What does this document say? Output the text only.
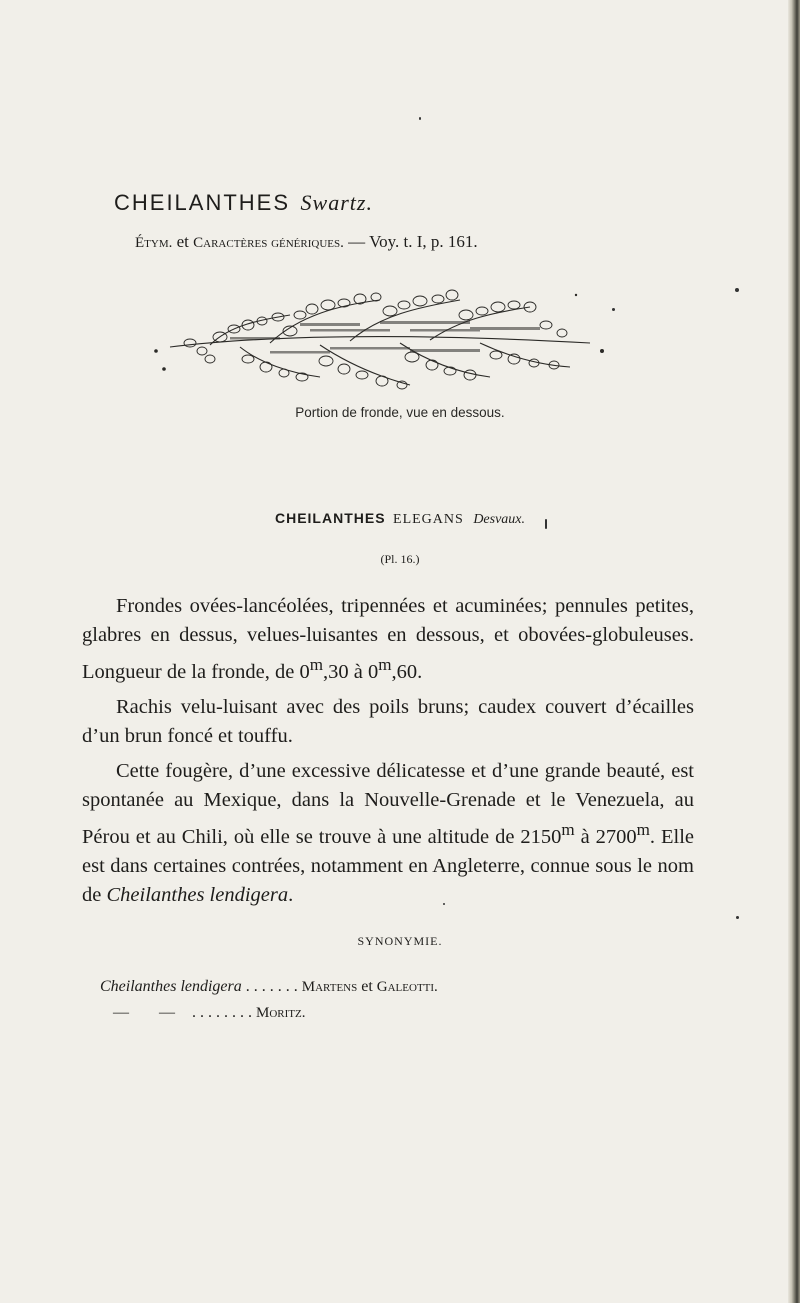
CHEILANTHES Swartz.
Étym. et Caractères génériques. — Voy. t. I, p. 161.
Portion de fronde, vue en dessous.
CHEILANTHES ELEGANS Desvaux.
(Pl. 16.)

Frondes ovées-lancéolées, tripennées et acuminées; pennules petites, glabres en dessus, velues-luisantes en dessous, et obovées-globuleuses. Longueur de la fronde, de 0$^m$,30 à 0$^m$,60.

Rachis velu-luisant avec des poils bruns; caudex couvert d’écailles d’un brun foncé et touffu.

Cette fougère, d’une excessive délicatesse et d’une grande beauté, est spontanée au Mexique, dans la Nouvelle-Grenade et le Venezuela, au Pérou et au Chili, où elle se trouve à une altitude de 2150$^m$ à 2700$^m$. Elle est dans certaines contrées, notamment en Angleterre, connue sous le nom de Cheilanthes lendigera.

SYNONYMIE.
Cheilanthes lendigera . . . . . . . Martens et Galeotti.
— — . . . . . . . . Moritz.
